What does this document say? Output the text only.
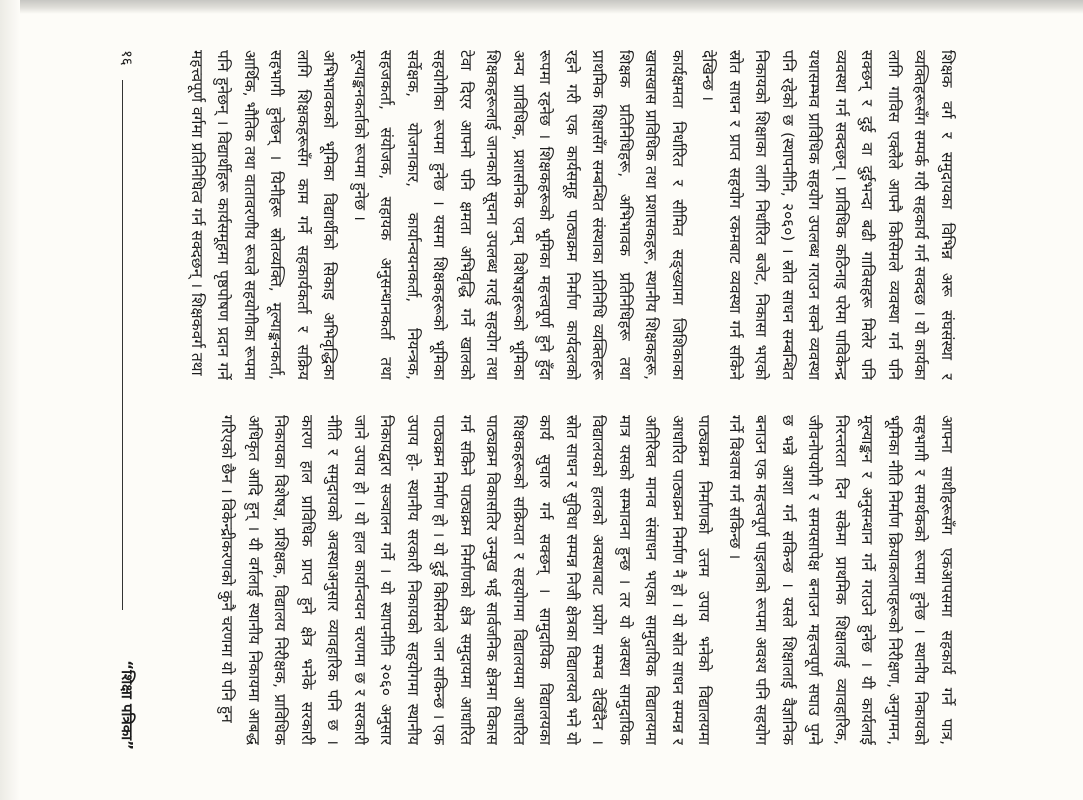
शिक्षक वर्ग र समुदायका विभिन्न अरू संघसंस्था र व्यक्तिहरूसँग सम्पर्क गरी सहकार्य गर्न सक्दछ । यो कार्यका लागि गाविस एक्लैले आफ्नै किसिमले व्यवस्था गर्न पनि सक्छन् र दुई वा दुईभन्दा बढी गाविसहरू मिलेर पनि व्यवस्था गर्न सक्दछन् । प्राविधिक कठिनाइ परेमा पाविकेन्द्र यथासम्भव प्राविधिक सहयोग उपलब्ध गराउन सक्ने व्यवस्था पनि रहेको छ (स्थापनीनि, २०६०) । स्रोत साधन सम्बन्धित निकायको शिक्षाका लागि निर्धारित बजेट, निकासा भएको स्रोत साधन र प्राप्त सहयोग रकमबाट व्यवस्था गर्न सकिने देखिन्छ ।

कार्यक्षमता निर्धारित र सीमित सङ्ख्यामा जिशिकाका खासखास प्राविधिक तथा प्रशासकहरू, स्थानीय शिक्षकहरू, शिक्षक प्रतिनिधिहरू, अभिभावक प्रतिनिधिहरू तथा प्राथमिक शिक्षासँग सम्बन्धित संस्थाका प्रतिनिधि व्यक्तिहरू रहने गरी एक कार्यसमूह पाठ्यक्रम निर्माण कार्यदलको रूपमा रहनेछ । शिक्षकहरूको भूमिका महत्त्वपूर्ण हुने हुँदा अन्य प्राविधिक, प्रशासनिक एवम् विशेषज्ञहरूको भूमिका शिक्षकहरूलाई जानकारी सूचना उपलब्ध गराई सहयोग तथा टेवा दिएर आफ्नो पनि क्षमता अभिवृद्धि गर्ने खालको सहयोगीका रूपमा हुनेछ । यसमा शिक्षकहरूको भूमिका सर्वेक्षक, योजनाकार, कार्यान्वयनकर्ता, नियन्त्रक, सहजकर्ता, संयोजक, सहायक अनुसन्धानकर्ता तथा मूल्याङ्कनकर्ताको रूपमा हुनेछ ।

अभिभावकको भूमिका विद्यार्थीको सिकाइ अभिवृद्धिका लागि शिक्षकहरूसँग काम गर्ने सहकार्यकर्ता र सक्रिय सहभागी हुनेछन् । यिनीहरू स्रोतव्यक्ति, मूल्याङ्कनकर्ता, आर्थिक, भौतिक तथा वातावरणीय रूपले सहयोगीका रूपमा पनि हुनेछन् । विद्यार्थीहरू कार्यसमूहमा पृष्ठपोषण प्रदान गर्ने महत्त्वपूर्ण वर्गमा प्रतिनिधित्व गर्न सक्दछन् । शिक्षकवर्ग तथा

आफ्ना साथीहरूसँग एकआपसमा सहकार्य गर्ने पात्र, सहभागी र समर्थकको रूपमा हुनेछ । स्थानीय निकायको भूमिका नीति निर्माण क्रियाकलापहरूको निरीक्षण, अनुगमन, मूल्याङ्कन र अनुसन्धान गर्ने गराउने हुनेछ । यी कार्यलाई निरन्तरता दिन सकेमा प्राथमिक शिक्षालाई व्यावहारिक, जीवनोपयोगी र समयसापेक्ष बनाउन महत्त्वपूर्ण सघाउ पुग्ने छ भन्ने आशा गर्न सकिन्छ । यसले शिक्षालाई वैज्ञानिक बनाउन एक महत्त्वपूर्ण पाइलाको रूपमा अवश्य पनि सहयोग गर्ने विश्वास गर्न सकिन्छ ।

पाठ्यक्रम निर्माणको उत्तम उपाय भनेको विद्यालयमा आधारित पाठ्यक्रम निर्माण नै हो । यो स्रोत साधन सम्पन्न र अतिरिक्त मानव संसाधन भएका सामुदायिक विद्यालयमा मात्र यसको सम्भावना हुन्छ । तर यो अवस्था सामुदायिक विद्यालयको हालको अवस्थाबाट प्रयोग सम्भव देखिँदैन । स्रोत साधन र सुविधा सम्पन्न निजी क्षेत्रका विद्यालयले भने यो कार्य सुचारु गर्न सक्छन् । सामुदायिक विद्यालयका शिक्षकहरूको सक्रियता र सहयोगमा विद्यालयमा आधारित पाठ्यक्रम विकासतिर उन्मुख भई सार्वजनिक क्षेत्रमा विकास गर्न सकिने पाठ्यक्रम निर्माणको क्षेत्र समुदायमा आधारित पाठ्यक्रम निर्माण हो । यो दुई किसिमले जान सकिन्छ । एक उपाय हो- स्थानीय सरकारी निकायको सहयोगमा स्थानीय निकायद्वारा सञ्चालन गर्ने । यो स्थापनीनि २०६० अनुसार जाने उपाय हो । यो हाल कार्यान्वयन चरणमा छ र सरकारी नीति र समुदायको अवस्थाअनुसार व्यावहारिक पनि छ । कारण हाल प्राविधिक प्राप्त हुने क्षेत्र भनेके सरकारी निकायका विशेषज्ञ, प्रशिक्षक, विद्यालय निरीक्षक, प्राविधिक अधिकृत आदि हुन् । यी वर्गलाई स्थानीय निकायमा आबद्ध गरिएको छैन । विकेन्द्रीकरणको कुनै चरणमा यो पनि हुन

१६
“शिक्षा पत्रिका”
